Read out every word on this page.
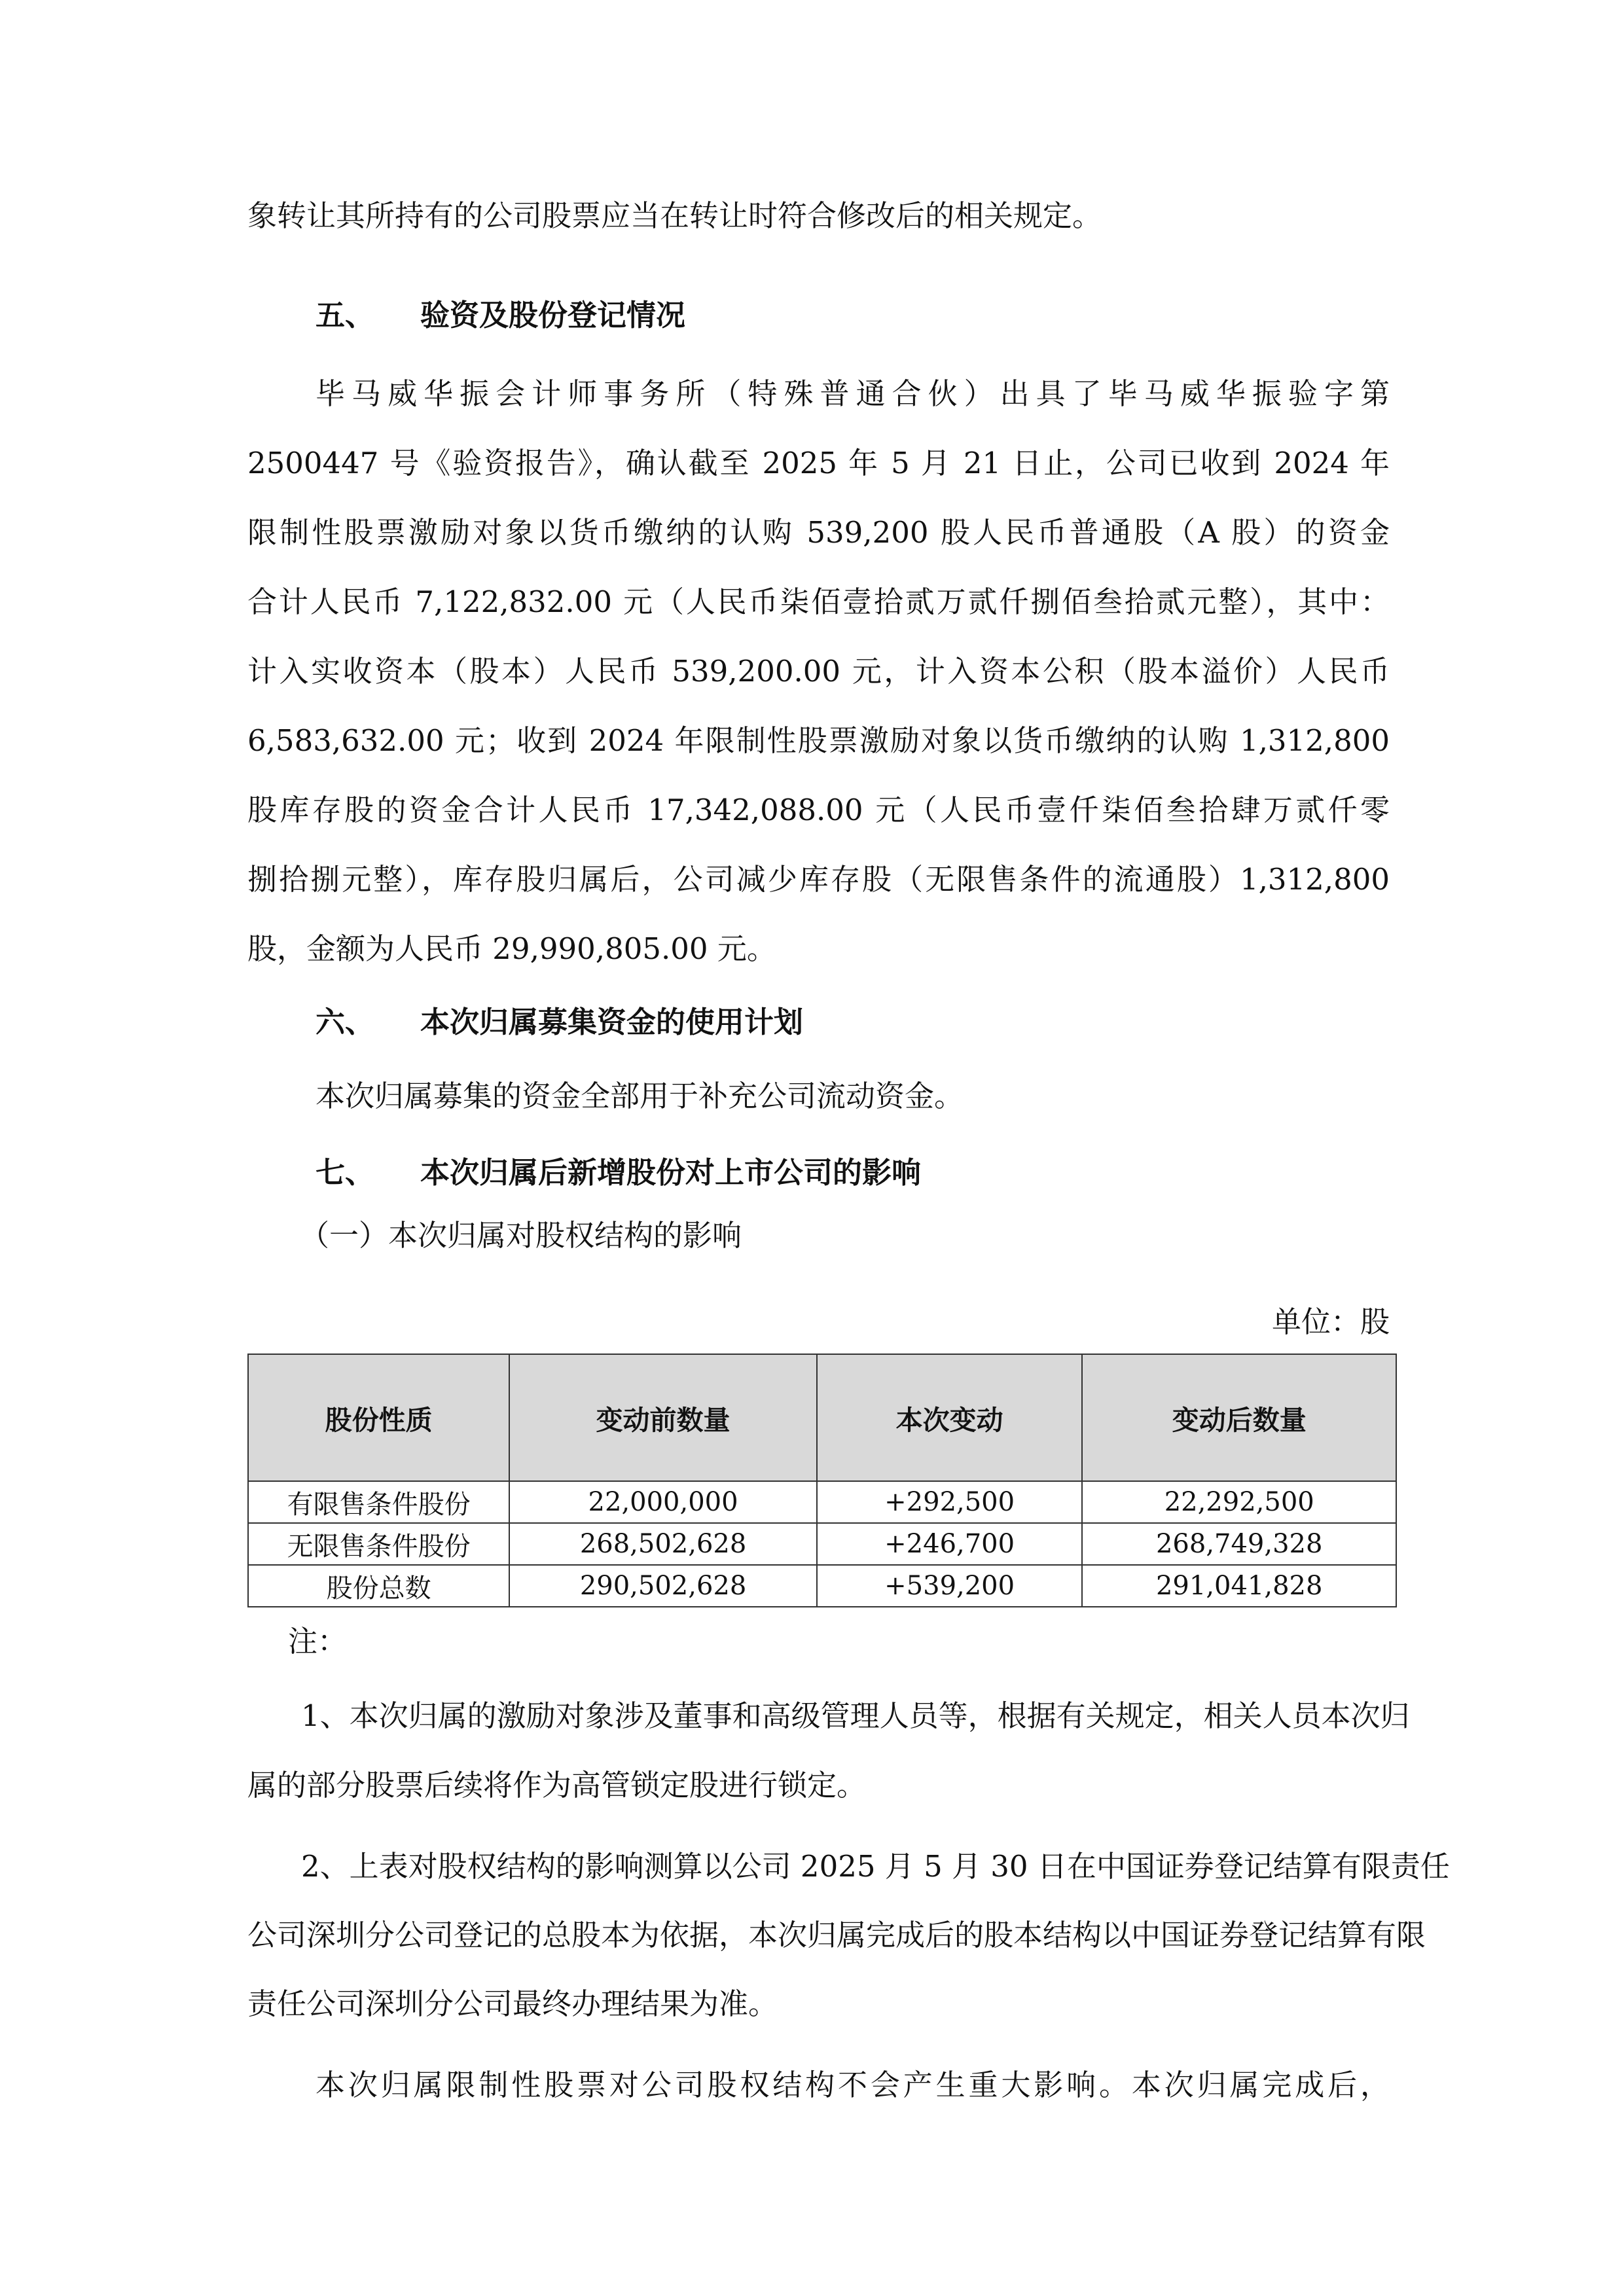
象转让其所持有的公司股票应当在转让时符合修改后的相关规定。
五、 验资及股份登记情况
毕马威华振会计师事务所（特殊普通合伙）出具了毕马威华振验字第
2500447 号《验资报告》，确认截至 2025 年 5 月 21 日止，公司已收到 2024 年
限制性股票激励对象以货币缴纳的认购 539,200 股人民币普通股（A 股）的资金
合计人民币 7,122,832.00 元（人民币柒佰壹拾贰万贰仟捌佰叁拾贰元整），其中：
计入实收资本（股本）人民币 539,200.00 元，计入资本公积（股本溢价）人民币
6,583,632.00 元；收到 2024 年限制性股票激励对象以货币缴纳的认购 1,312,800
股库存股的资金合计人民币 17,342,088.00 元（人民币壹仟柒佰叁拾肆万贰仟零
捌拾捌元整），库存股归属后，公司减少库存股（无限售条件的流通股）1,312,800
股，金额为人民币 29,990,805.00 元。
六、 本次归属募集资金的使用计划
本次归属募集的资金全部用于补充公司流动资金。
七、 本次归属后新增股份对上市公司的影响
（一）本次归属对股权结构的影响
单位：股
股份性质	变动前数量	本次变动	变动后数量
有限售条件股份	22,000,000	+292,500	22,292,500
无限售条件股份	268,502,628	+246,700	268,749,328
股份总数	290,502,628	+539,200	291,041,828
注：
1、本次归属的激励对象涉及董事和高级管理人员等，根据有关规定，相关人员本次归
属的部分股票后续将作为高管锁定股进行锁定。
2、上表对股权结构的影响测算以公司 2025 月 5 月 30 日在中国证券登记结算有限责任
公司深圳分公司登记的总股本为依据，本次归属完成后的股本结构以中国证券登记结算有限
责任公司深圳分公司最终办理结果为准。
本次归属限制性股票对公司股权结构不会产生重大影响。本次归属完成后，
